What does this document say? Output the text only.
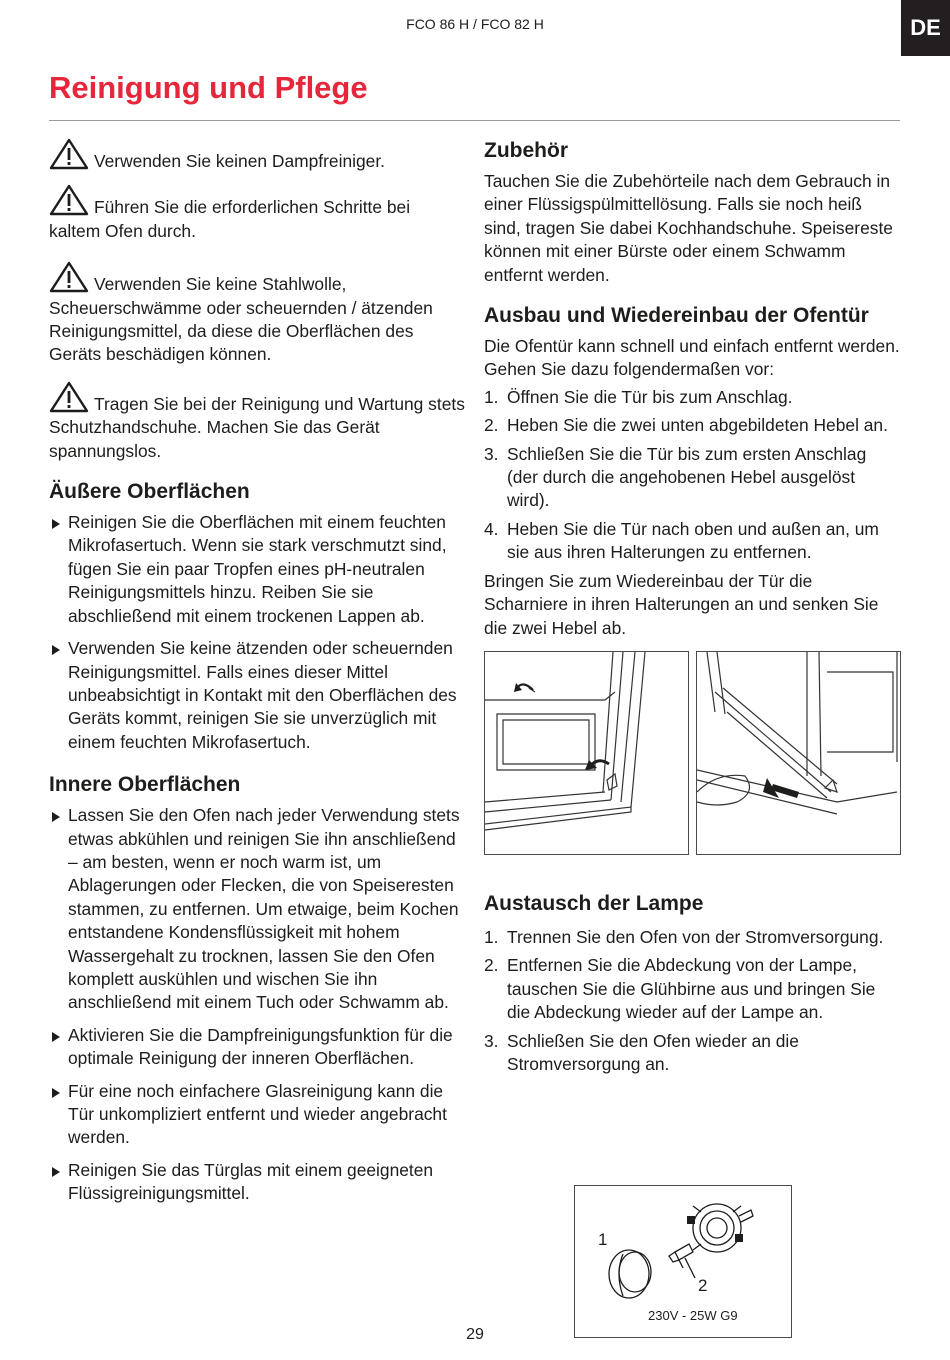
FCO 86 H / FCO 82 H	DE
Reinigung und Pflege

Verwenden Sie keinen Dampfreiniger.

Führen Sie die erforderlichen Schritte bei kaltem Ofen durch.

Verwenden Sie keine Stahlwolle, Scheuerschwämme oder scheuernden / ätzenden Reinigungsmittel, da diese die Oberflächen des Geräts beschädigen können.

Tragen Sie bei der Reinigung und Wartung stets Schutzhandschuhe. Machen Sie das Gerät spannungslos.

Äußere Oberflächen
Reinigen Sie die Oberflächen mit einem feuchten Mikrofasertuch. Wenn sie stark verschmutzt sind, fügen Sie ein paar Tropfen eines pH-neutralen Reinigungsmittels hinzu. Reiben Sie sie abschließend mit einem trockenen Lappen ab.
Verwenden Sie keine ätzenden oder scheuernden Reinigungsmittel. Falls eines dieser Mittel unbeabsichtigt in Kontakt mit den Oberflächen des Geräts kommt, reinigen Sie sie unverzüglich mit einem feuchten Mikrofasertuch.
Innere Oberflächen
Lassen Sie den Ofen nach jeder Verwendung stets etwas abkühlen und reinigen Sie ihn anschließend – am besten, wenn er noch warm ist, um Ablagerungen oder Flecken, die von Speiseresten stammen, zu entfernen. Um etwaige, beim Kochen entstandene Kondensflüssigkeit mit hohem Wassergehalt zu trocknen, lassen Sie den Ofen komplett auskühlen und wischen Sie ihn anschließend mit einem Tuch oder Schwamm ab.
Aktivieren Sie die Dampfreinigungsfunktion für die optimale Reinigung der inneren Oberflächen.
Für eine noch einfachere Glasreinigung kann die Tür unkompliziert entfernt und wieder angebracht werden.
Reinigen Sie das Türglas mit einem geeigneten Flüssigreinigungsmittel.
Zubehör

Tauchen Sie die Zubehörteile nach dem Gebrauch in einer Flüssigspülmittellösung. Falls sie noch heiß sind, tragen Sie dabei Kochhandschuhe. Speisereste können mit einer Bürste oder einem Schwamm entfernt werden.

Ausbau und Wiedereinbau der Ofentür

Die Ofentür kann schnell und einfach entfernt werden. Gehen Sie dazu folgendermaßen vor:

1. Öffnen Sie die Tür bis zum Anschlag.
2. Heben Sie die zwei unten abgebildeten Hebel an.
3. Schließen Sie die Tür bis zum ersten Anschlag (der durch die angehobenen Hebel ausgelöst wird).
4. Heben Sie die Tür nach oben und außen an, um sie aus ihren Halterungen zu entfernen.

Bringen Sie zum Wiedereinbau der Tür die Scharniere in ihren Halterungen an und senken Sie die zwei Hebel ab.

Austausch der Lampe
1. Trennen Sie den Ofen von der Stromversorgung.
2. Entfernen Sie die Abdeckung von der Lampe, tauschen Sie die Glühbirne aus und bringen Sie die Abdeckung wieder auf der Lampe an.
3. Schließen Sie den Ofen wieder an die Stromversorgung an.
1
2
230V - 25W G9
29
